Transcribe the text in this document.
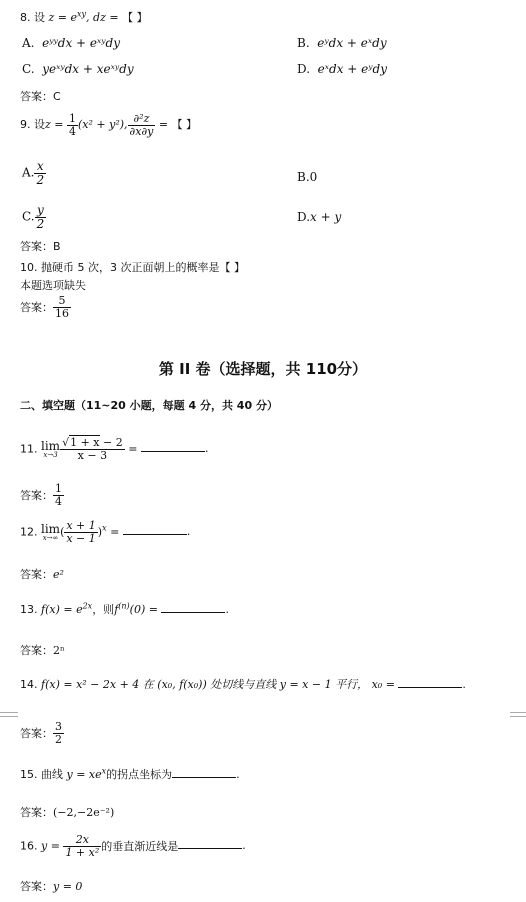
8. 设 $z = e^{xy}$, dz = 【 】
A. eʸʸdx + eˣʸdy	B. eʸdx + eˣdy
C. yeˣʸdx + xeˣʸdy	D. eˣdx + eʸdy
答案：C
9. 设$z = \frac{1}{4} (x^2 + y^2)$, $\frac{\text{∂²z}}{\partial x\partial y}$ = 【 】
A. $\frac{x}{2}$	B.0
C. $\frac{y}{2}$	D.x + y
答案：B
10. 抛硬币 5 次，3 次正面朝上的概率是【 】
本题选项缺失
答案： $\frac{5}{16}$
第 II 卷（选择题，共 110分）
二、填空题（11~20 小题，每题 4 分，共 40 分）
11. lim
$x\to 3 \frac{√1 + x - 2}{x - 3}$ =	.
答案： $\frac{1}{4}$
12. lim
x→∞ ( $\frac{x + 1}{x - 1} )^x$ =	.
答案：e²
13. $f(x) = e^{2x}$，则$f^{(n)}(0)$ =	.
答案：2ⁿ
14. f(x) = x² − 2x + 4 在 (x₀, f(x₀)) 处切线与直线 y = x − 1 平行， x₀ =	.
答案： $\frac{3}{2}$
15. 曲线 $y = xe^x$的拐点坐标为	.
答案：(−2,−2e⁻²)
16. $y = \frac{2x}{\text{1 + x²}}$ 的垂直渐近线是	.
答案：y = 0
